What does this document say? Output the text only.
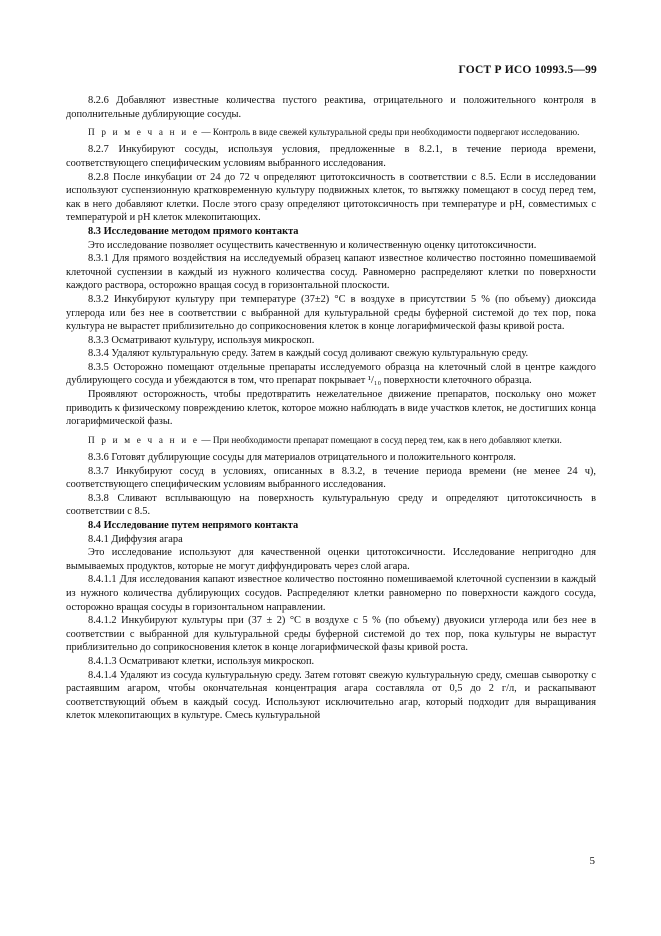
ГОСТ Р ИСО 10993.5—99
8.2.6 Добавляют известные количества пустого реактива, отрицательного и положительного контроля в дополнительные дублирующие сосуды.
П р и м е ч а н и е — Контроль в виде свежей культуральной среды при необходимости подвергают исследованию.
8.2.7 Инкубируют сосуды, используя условия, предложенные в 8.2.1, в течение периода времени, соответствующего специфическим условиям выбранного исследования.
8.2.8 После инкубации от 24 до 72 ч определяют цитотоксичность в соответствии с 8.5. Если в исследовании используют суспензионную кратковременную культуру подвижных клеток, то вытяжку помещают в сосуд перед тем, как в него добавляют клетки. После этого сразу определяют цитотоксичность при температуре и pH, совместимых с температурой и pH клеток млекопитающих.
8.3 Исследование методом прямого контакта
Это исследование позволяет осуществить качественную и количественную оценку цитотоксичности.
8.3.1 Для прямого воздействия на исследуемый образец капают известное количество постоянно помешиваемой клеточной суспензии в каждый из нужного количества сосуд. Равномерно распределяют клетки по поверхности каждого раствора, осторожно вращая сосуд в горизонтальной плоскости.
8.3.2 Инкубируют культуру при температуре (37±2) °С в воздухе в присутствии 5 % (по объему) диоксида углерода или без нее в соответствии с выбранной для культуральной среды буферной системой до тех пор, пока культура не вырастет приблизительно до соприкосновения клеток в конце логарифмической фазы кривой роста.
8.3.3 Осматривают культуру, используя микроскоп.
8.3.4 Удаляют культуральную среду. Затем в каждый сосуд доливают свежую культуральную среду.
8.3.5 Осторожно помещают отдельные препараты исследуемого образца на клеточный слой в центре каждого дублирующего сосуда и убеждаются в том, что препарат покрывает ¹/₁₀ поверхности клеточного образца.
Проявляют осторожность, чтобы предотвратить нежелательное движение препаратов, поскольку оно может приводить к физическому повреждению клеток, которое можно наблюдать в виде участков клеток, не достигших конца логарифмической фазы.
П р и м е ч а н и е — При необходимости препарат помещают в сосуд перед тем, как в него добавляют клетки.
8.3.6 Готовят дублирующие сосуды для материалов отрицательного и положительного контроля.
8.3.7 Инкубируют сосуд в условиях, описанных в 8.3.2, в течение периода времени (не менее 24 ч), соответствующего специфическим условиям выбранного исследования.
8.3.8 Сливают всплывающую на поверхность культуральную среду и определяют цитотоксичность в соответствии с 8.5.
8.4 Исследование путем непрямого контакта
8.4.1 Диффузия агара
Это исследование используют для качественной оценки цитотоксичности. Исследование непригодно для вымываемых продуктов, которые не могут диффундировать через слой агара.
8.4.1.1 Для исследования капают известное количество постоянно помешиваемой клеточной суспензии в каждый из нужного количества дублирующих сосудов. Распределяют клетки равномерно по поверхности каждого сосуда, осторожно вращая сосуды в горизонтальном направлении.
8.4.1.2 Инкубируют культуры при (37 ± 2) °С в воздухе с 5 % (по объему) двуокиси углерода или без нее в соответствии с выбранной для культуральной среды буферной системой до тех пор, пока культуры не вырастут приблизительно до соприкосновения клеток в конце логарифмической фазы кривой роста.
8.4.1.3 Осматривают клетки, используя микроскоп.
8.4.1.4 Удаляют из сосуда культуральную среду. Затем готовят свежую культуральную среду, смешав сыворотку с растаявшим агаром, чтобы окончательная концентрация агара составляла от 0,5 до 2 г/л, и раскапывают соответствующий объем в каждый сосуд. Используют исключительно агар, который подходит для выращивания клеток млекопитающих в культуре. Смесь культуральной
5
